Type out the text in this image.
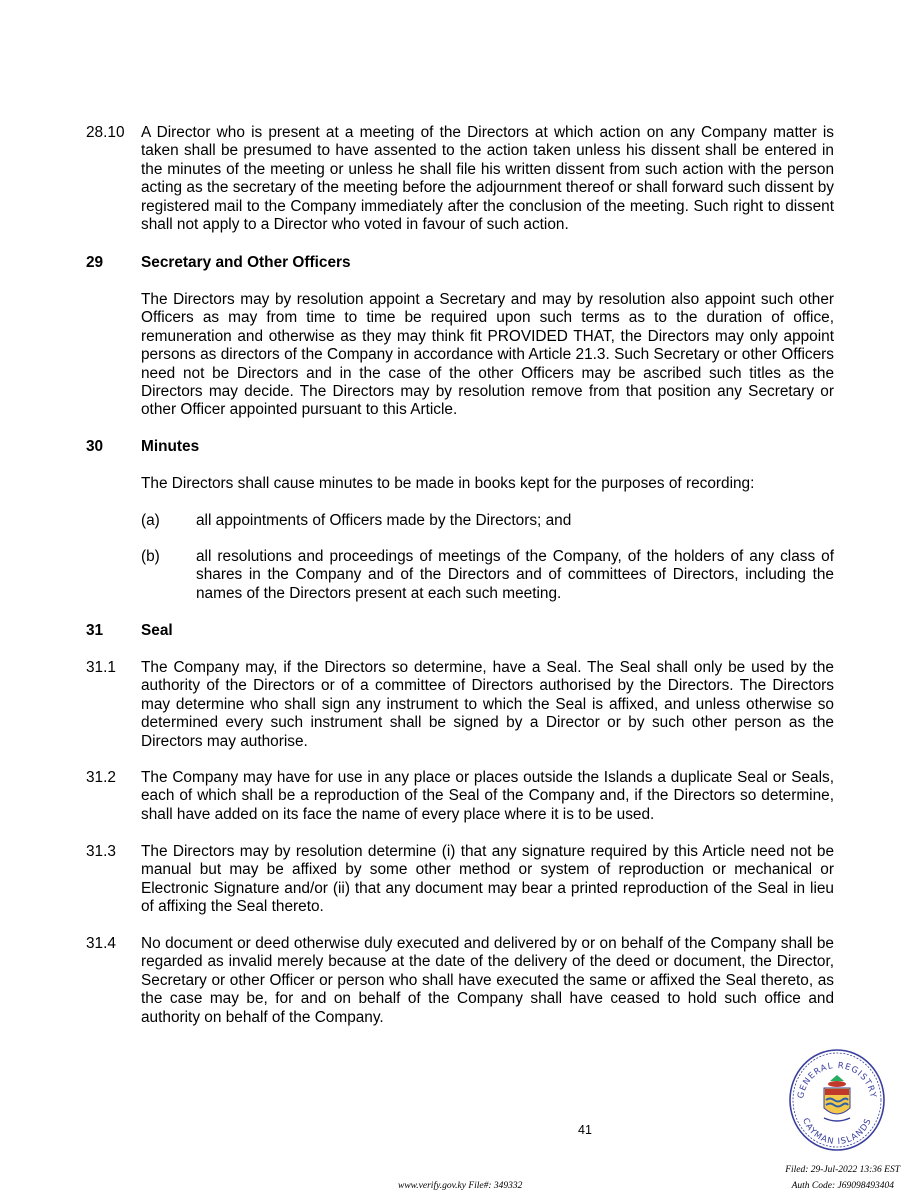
28.10 A Director who is present at a meeting of the Directors at which action on any Company matter is taken shall be presumed to have assented to the action taken unless his dissent shall be entered in the minutes of the meeting or unless he shall file his written dissent from such action with the person acting as the secretary of the meeting before the adjournment thereof or shall forward such dissent by registered mail to the Company immediately after the conclusion of the meeting. Such right to dissent shall not apply to a Director who voted in favour of such action.
29 Secretary and Other Officers
The Directors may by resolution appoint a Secretary and may by resolution also appoint such other Officers as may from time to time be required upon such terms as to the duration of office, remuneration and otherwise as they may think fit PROVIDED THAT, the Directors may only appoint persons as directors of the Company in accordance with Article 21.3. Such Secretary or other Officers need not be Directors and in the case of the other Officers may be ascribed such titles as the Directors may decide. The Directors may by resolution remove from that position any Secretary or other Officer appointed pursuant to this Article.
30 Minutes
The Directors shall cause minutes to be made in books kept for the purposes of recording:
(a) all appointments of Officers made by the Directors; and
(b) all resolutions and proceedings of meetings of the Company, of the holders of any class of shares in the Company and of the Directors and of committees of Directors, including the names of the Directors present at each such meeting.
31 Seal
31.1 The Company may, if the Directors so determine, have a Seal. The Seal shall only be used by the authority of the Directors or of a committee of Directors authorised by the Directors. The Directors may determine who shall sign any instrument to which the Seal is affixed, and unless otherwise so determined every such instrument shall be signed by a Director or by such other person as the Directors may authorise.
31.2 The Company may have for use in any place or places outside the Islands a duplicate Seal or Seals, each of which shall be a reproduction of the Seal of the Company and, if the Directors so determine, shall have added on its face the name of every place where it is to be used.
31.3 The Directors may by resolution determine (i) that any signature required by this Article need not be manual but may be affixed by some other method or system of reproduction or mechanical or Electronic Signature and/or (ii) that any document may bear a printed reproduction of the Seal in lieu of affixing the Seal thereto.
31.4 No document or deed otherwise duly executed and delivered by or on behalf of the Company shall be regarded as invalid merely because at the date of the delivery of the deed or document, the Director, Secretary or other Officer or person who shall have executed the same or affixed the Seal thereto, as the case may be, for and on behalf of the Company shall have ceased to hold such office and authority on behalf of the Company.
41
www.verify.gov.ky File#: 349332
Filed: 29-Jul-2022 13:36 EST
Auth Code: J69098493404
GENERAL REGISTRY
CAYMAN ISLANDS
